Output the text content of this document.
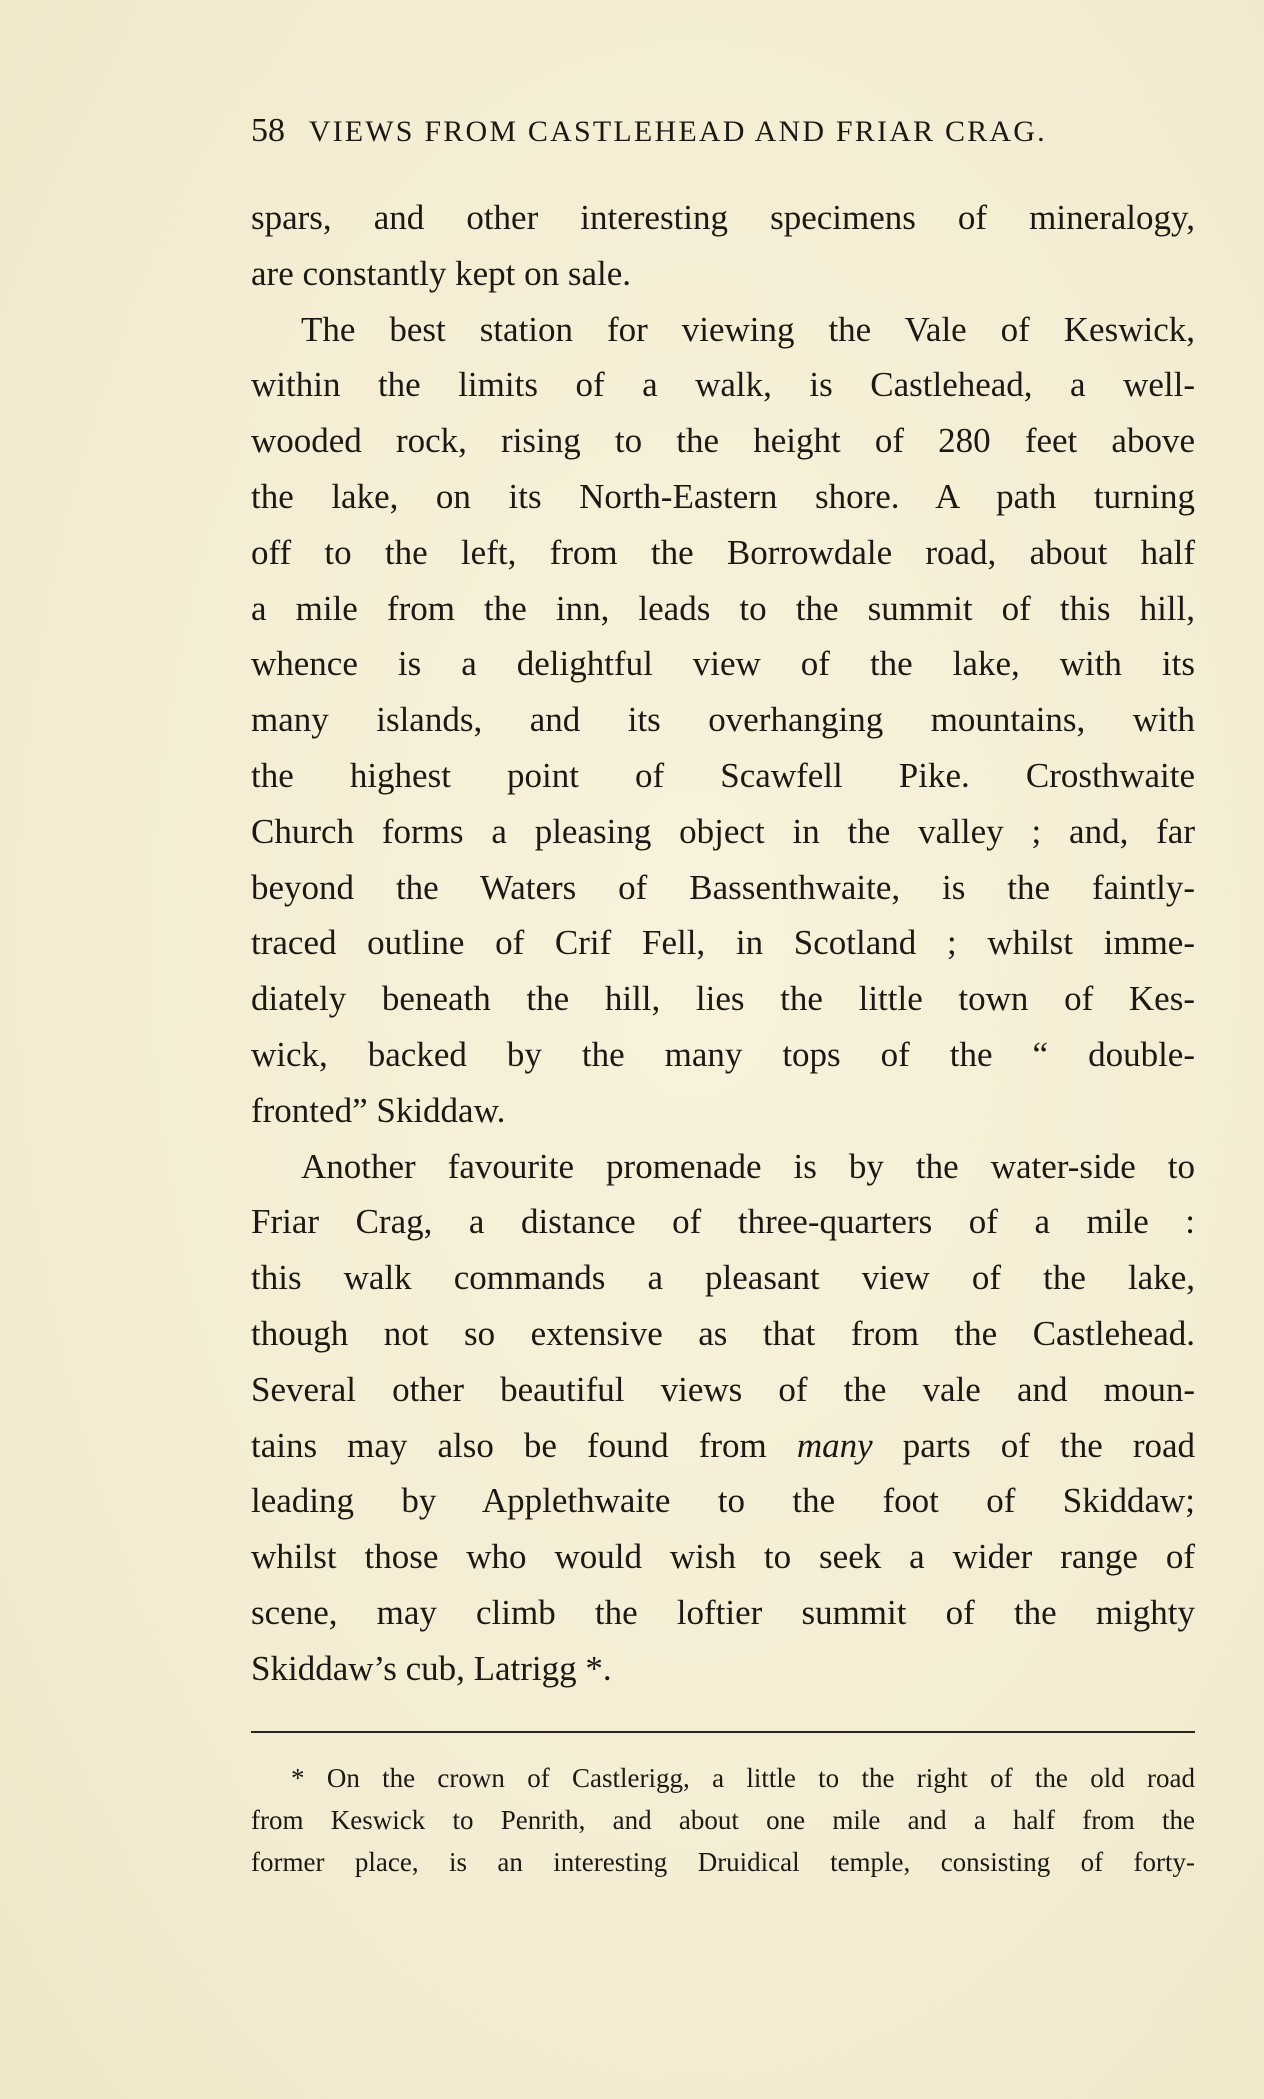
58 VIEWS FROM CASTLEHEAD AND FRIAR CRAG.
spars, and other interesting specimens of mineralogy,
are constantly kept on sale.
The best station for viewing the Vale of Keswick,
within the limits of a walk, is Castlehead, a well-
wooded rock, rising to the height of 280 feet above
the lake, on its North-Eastern shore. A path turning
off to the left, from the Borrowdale road, about half
a mile from the inn, leads to the summit of this hill,
whence is a delightful view of the lake, with its
many islands, and its overhanging mountains, with
the highest point of Scawfell Pike. Crosthwaite
Church forms a pleasing object in the valley ; and, far
beyond the Waters of Bassenthwaite, is the faintly-
traced outline of Crif Fell, in Scotland ; whilst imme-
diately beneath the hill, lies the little town of Kes-
wick, backed by the many tops of the “ double-
fronted” Skiddaw.
Another favourite promenade is by the water-side to
Friar Crag, a distance of three-quarters of a mile :
this walk commands a pleasant view of the lake,
though not so extensive as that from the Castlehead.
Several other beautiful views of the vale and moun-
tains may also be found from many parts of the road
leading by Applethwaite to the foot of Skiddaw;
whilst those who would wish to seek a wider range of
scene, may climb the loftier summit of the mighty
Skiddaw’s cub, Latrigg *.
* On the crown of Castlerigg, a little to the right of the old road
from Keswick to Penrith, and about one mile and a half from the
former place, is an interesting Druidical temple, consisting of forty-
